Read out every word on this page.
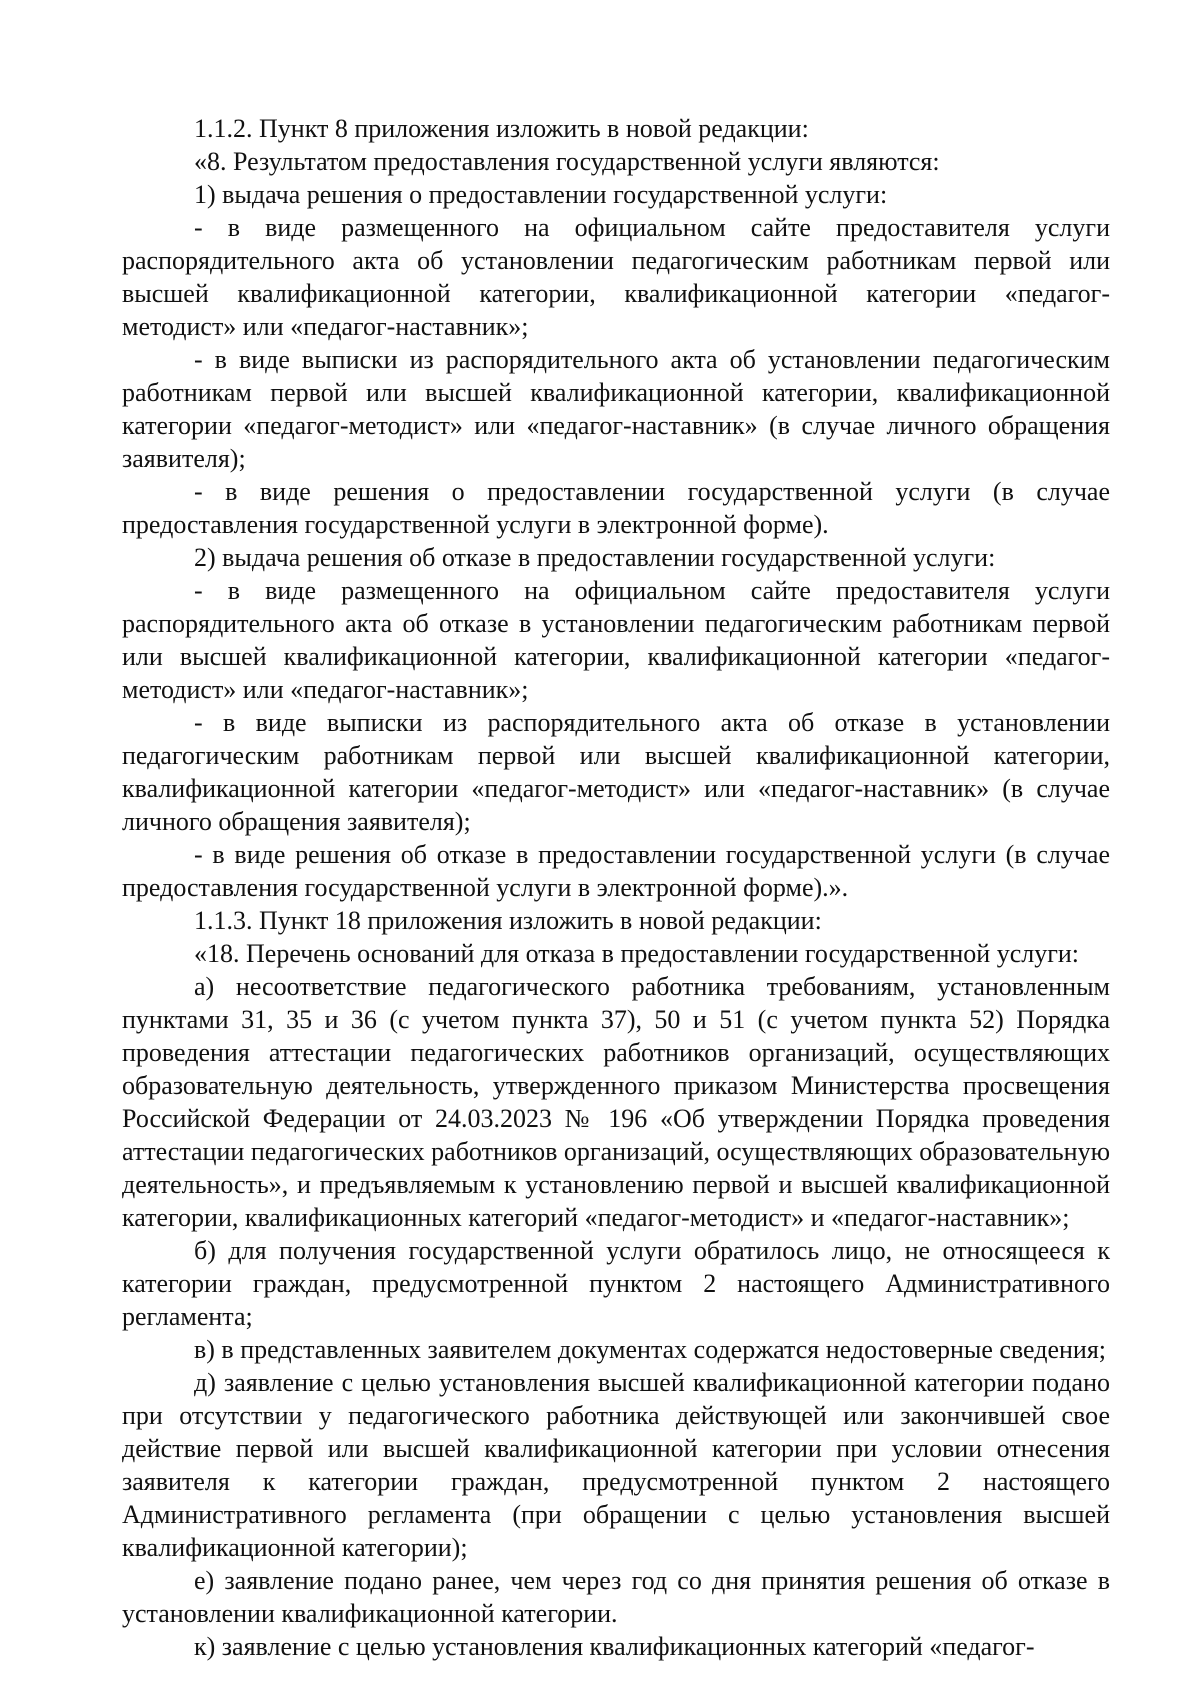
1.1.2. Пункт 8 приложения изложить в новой редакции:

«8. Результатом предоставления государственной услуги являются:

1) выдача решения о предоставлении государственной услуги:

- в виде размещенного на официальном сайте предоставителя услуги распорядительного акта об установлении педагогическим работникам первой или высшей квалификационной категории, квалификационной категории «педагог-методист» или «педагог-наставник»;

- в виде выписки из распорядительного акта об установлении педагогическим работникам первой или высшей квалификационной категории, квалификационной категории «педагог-методист» или «педагог-наставник» (в случае личного обращения заявителя);

- в виде решения о предоставлении государственной услуги (в случае предоставления государственной услуги в электронной форме).

2) выдача решения об отказе в предоставлении государственной услуги:

- в виде размещенного на официальном сайте предоставителя услуги распорядительного акта об отказе в установлении педагогическим работникам первой или высшей квалификационной категории, квалификационной категории «педагог-методист» или «педагог-наставник»;

- в виде выписки из распорядительного акта об отказе в установлении педагогическим работникам первой или высшей квалификационной категории, квалификационной категории «педагог-методист» или «педагог-наставник» (в случае личного обращения заявителя);

- в виде решения об отказе в предоставлении государственной услуги (в случае предоставления государственной услуги в электронной форме).».

1.1.3. Пункт 18 приложения изложить в новой редакции:

«18. Перечень оснований для отказа в предоставлении государственной услуги:

а) несоответствие педагогического работника требованиям, установленным пунктами 31, 35 и 36 (с учетом пункта 37), 50 и 51 (с учетом пункта 52) Порядка проведения аттестации педагогических работников организаций, осуществляющих образовательную деятельность, утвержденного приказом Министерства просвещения Российской Федерации от 24.03.2023 № 196 «Об утверждении Порядка проведения аттестации педагогических работников организаций, осуществляющих образовательную деятельность», и предъявляемым к установлению первой и высшей квалификационной категории, квалификационных категорий «педагог-методист» и «педагог-наставник»;

б) для получения государственной услуги обратилось лицо, не относящееся к категории граждан, предусмотренной пунктом 2 настоящего Административного регламента;

в) в представленных заявителем документах содержатся недостоверные сведения;

д) заявление с целью установления высшей квалификационной категории подано при отсутствии у педагогического работника действующей или закончившей свое действие первой или высшей квалификационной категории при условии отнесения заявителя к категории граждан, предусмотренной пунктом 2 настоящего Административного регламента (при обращении с целью установления высшей квалификационной категории);

е) заявление подано ранее, чем через год со дня принятия решения об отказе в установлении квалификационной категории.

к) заявление с целью установления квалификационных категорий «педагог-
